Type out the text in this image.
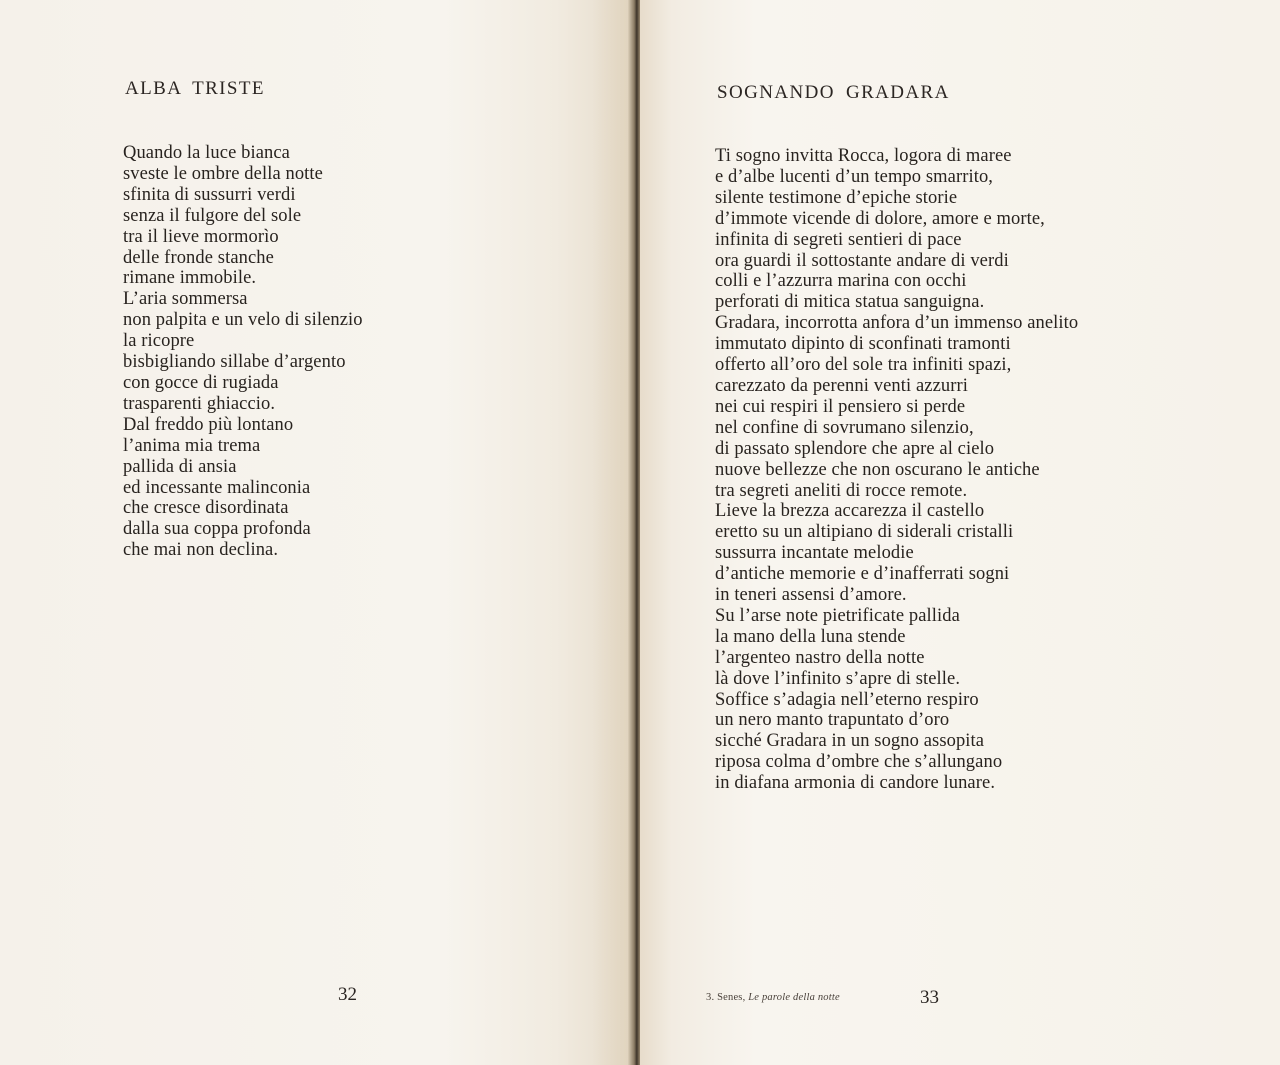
ALBA TRISTE
Quando la luce bianca
sveste le ombre della notte
sfinita di sussurri verdi
senza il fulgore del sole
tra il lieve mormorìo
delle fronde stanche
rimane immobile.
L’aria sommersa
non palpita e un velo di silenzio
la ricopre
bisbigliando sillabe d’argento
con gocce di rugiada
trasparenti ghiaccio.
Dal freddo più lontano
l’anima mia trema
pallida di ansia
ed incessante malinconia
che cresce disordinata
dalla sua coppa profonda
che mai non declina.
32
SOGNANDO GRADARA
Ti sogno invitta Rocca, logora di maree
e d’albe lucenti d’un tempo smarrito,
silente testimone d’epiche storie
d’immote vicende di dolore, amore e morte,
infinita di segreti sentieri di pace
ora guardi il sottostante andare di verdi
colli e l’azzurra marina con occhi
perforati di mitica statua sanguigna.
Gradara, incorrotta anfora d’un immenso anelito
immutato dipinto di sconfinati tramonti
offerto all’oro del sole tra infiniti spazi,
carezzato da perenni venti azzurri
nei cui respiri il pensiero si perde
nel confine di sovrumano silenzio,
di passato splendore che apre al cielo
nuove bellezze che non oscurano le antiche
tra segreti aneliti di rocce remote.
Lieve la brezza accarezza il castello
eretto su un altipiano di siderali cristalli
sussurra incantate melodie
d’antiche memorie e d’inafferrati sogni
in teneri assensi d’amore.
Su l’arse note pietrificate pallida
la mano della luna stende
l’argenteo nastro della notte
là dove l’infinito s’apre di stelle.
Soffice s’adagia nell’eterno respiro
un nero manto trapuntato d’oro
sicché Gradara in un sogno assopita
riposa colma d’ombre che s’allungano
in diafana armonia di candore lunare.
3. Senes, Le parole della notte	33
